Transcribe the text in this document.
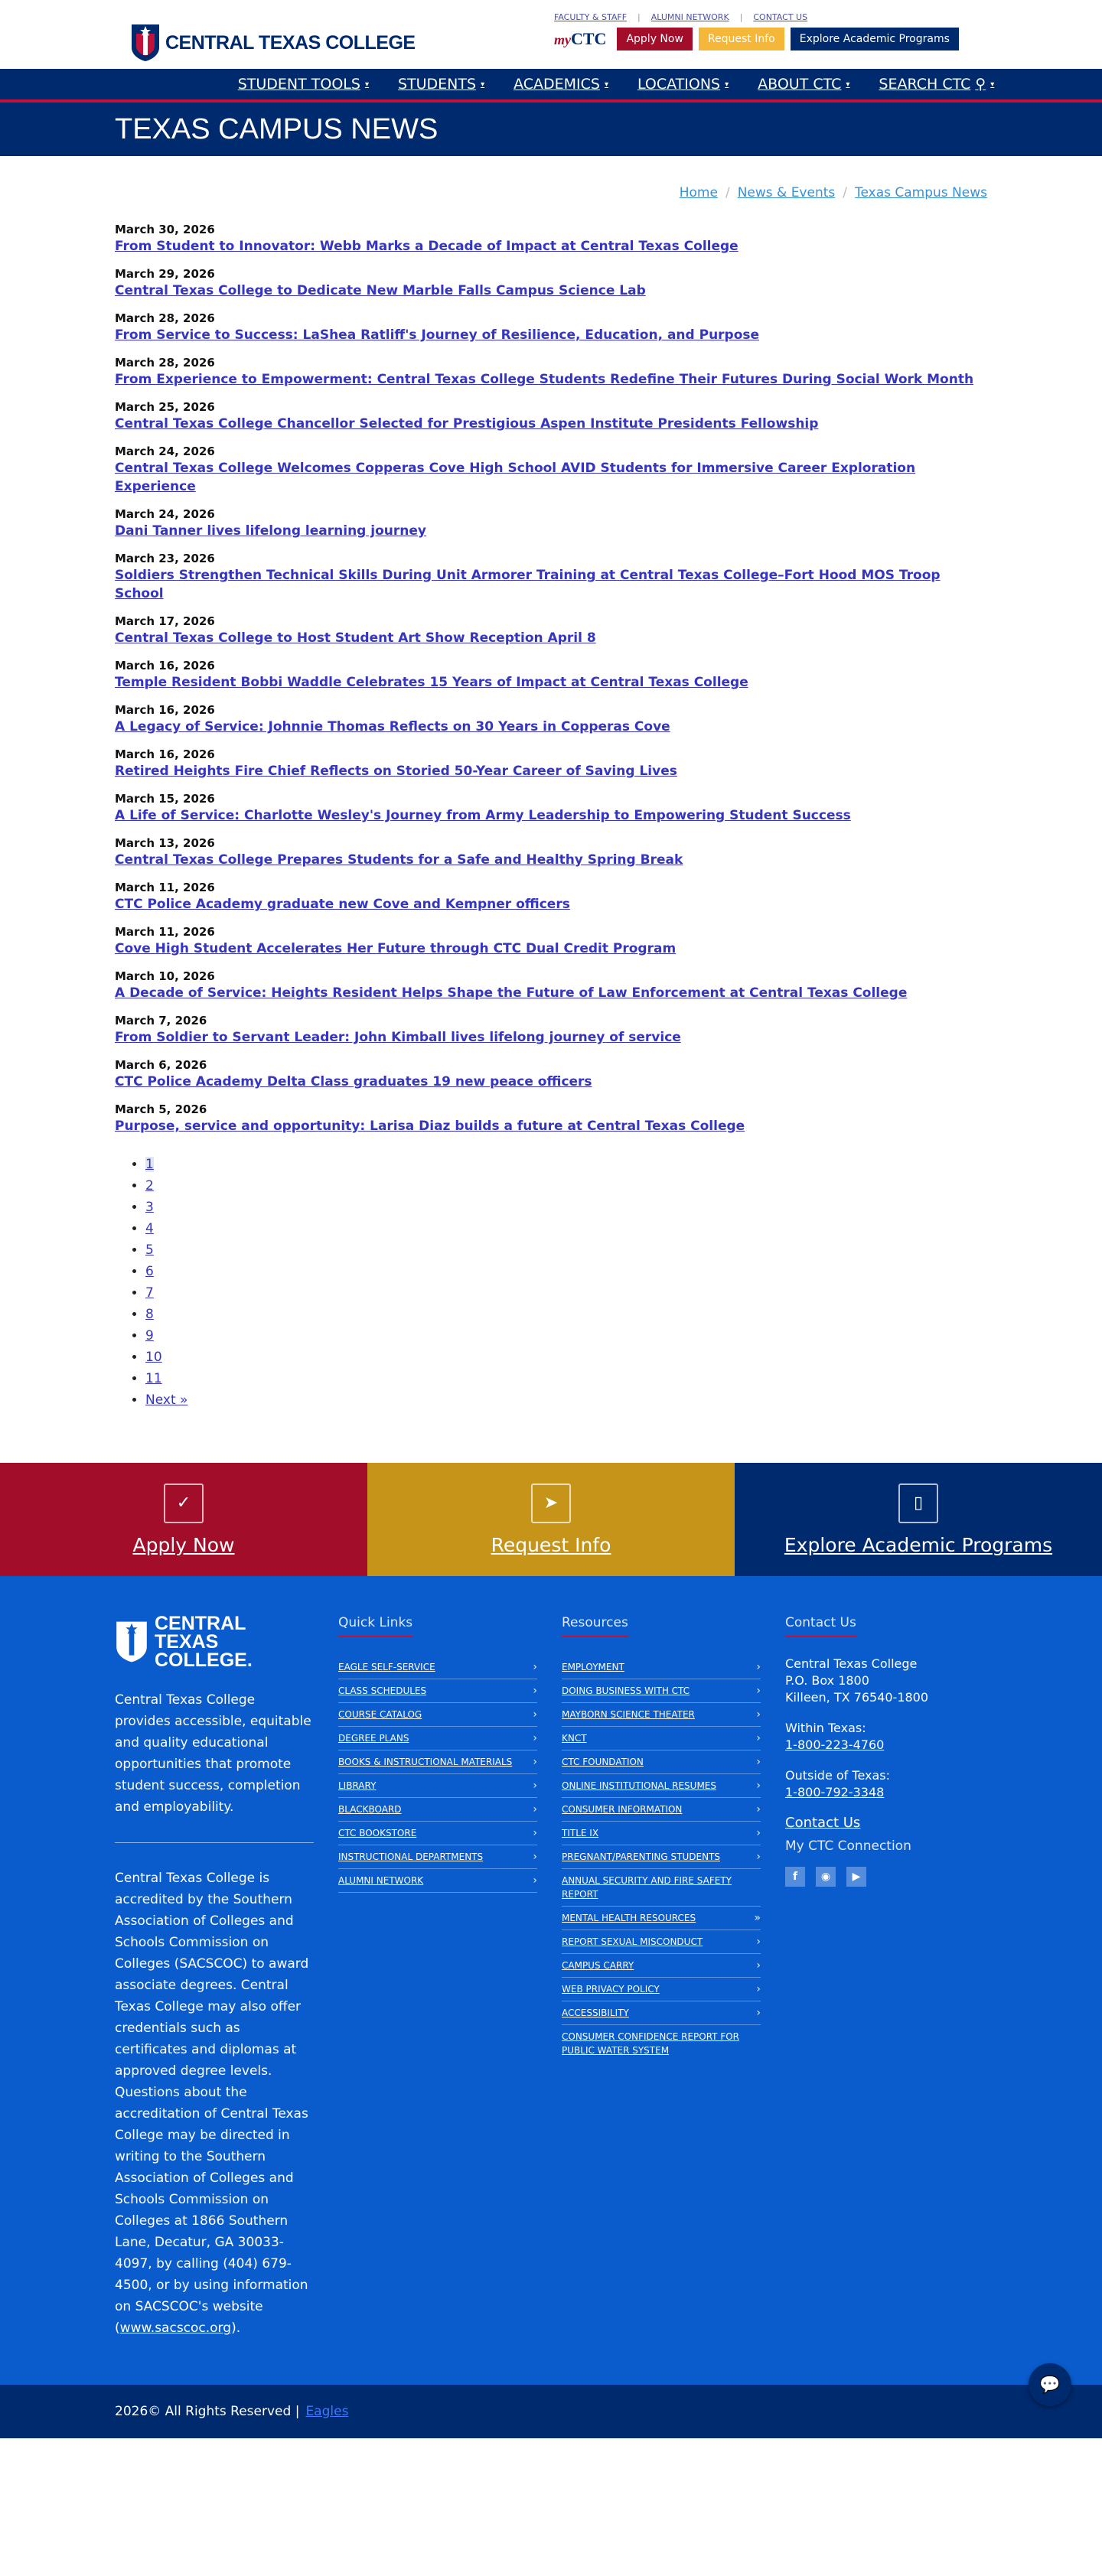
CENTRAL TEXAS COLLEGE
FACULTY & STAFF | ALUMNI NETWORK | CONTACT US
myCTC	Apply Now	Request Info	Explore Academic Programs
STUDENT TOOLS ▾ STUDENTS ▾ ACADEMICS ▾ LOCATIONS ▾ ABOUT CTC ▾ SEARCH CTC ⚲ ▾
TEXAS CAMPUS NEWS
Home / News & Events / Texas Campus News
March 30, 2026
From Student to Innovator: Webb Marks a Decade of Impact at Central Texas College
March 29, 2026
Central Texas College to Dedicate New Marble Falls Campus Science Lab
March 28, 2026
From Service to Success: LaShea Ratliff's Journey of Resilience, Education, and Purpose
March 28, 2026
From Experience to Empowerment: Central Texas College Students Redefine Their Futures During Social Work Month
March 25, 2026
Central Texas College Chancellor Selected for Prestigious Aspen Institute Presidents Fellowship
March 24, 2026
Central Texas College Welcomes Copperas Cove High School AVID Students for Immersive Career Exploration Experience
March 24, 2026
Dani Tanner lives lifelong learning journey
March 23, 2026
Soldiers Strengthen Technical Skills During Unit Armorer Training at Central Texas College–Fort Hood MOS Troop School
March 17, 2026
Central Texas College to Host Student Art Show Reception April 8
March 16, 2026
Temple Resident Bobbi Waddle Celebrates 15 Years of Impact at Central Texas College
March 16, 2026
A Legacy of Service: Johnnie Thomas Reflects on 30 Years in Copperas Cove
March 16, 2026
Retired Heights Fire Chief Reflects on Storied 50-Year Career of Saving Lives
March 15, 2026
A Life of Service: Charlotte Wesley's Journey from Army Leadership to Empowering Student Success
March 13, 2026
Central Texas College Prepares Students for a Safe and Healthy Spring Break
March 11, 2026
CTC Police Academy graduate new Cove and Kempner officers
March 11, 2026
Cove High Student Accelerates Her Future through CTC Dual Credit Program
March 10, 2026
A Decade of Service: Heights Resident Helps Shape the Future of Law Enforcement at Central Texas College
March 7, 2026
From Soldier to Servant Leader: John Kimball lives lifelong journey of service
March 6, 2026
CTC Police Academy Delta Class graduates 19 new peace officers
March 5, 2026
Purpose, service and opportunity: Larisa Diaz builds a future at Central Texas College
• 1
• 2
• 3
• 4
• 5
• 6
• 7
• 8
• 9
• 10
• 11
• Next »
✓
Apply Now
➤
Request Info
▯
Explore Academic Programs
CENTRAL
TEXAS
COLLEGE.

Central Texas College provides accessible, equitable and quality educational opportunities that promote student success, completion and employability.

Central Texas College is accredited by the Southern Association of Colleges and Schools Commission on Colleges (SACSCOC) to award associate degrees. Central Texas College may also offer credentials such as certificates and diplomas at approved degree levels. Questions about the accreditation of Central Texas College may be directed in writing to the Southern Association of Colleges and Schools Commission on Colleges at 1866 Southern Lane, Decatur, GA 30033-4097, by calling (404) 679-4500, or by using information on SACSCOC's website (www.sacscoc.org).

Quick Links
EAGLE SELF-SERVICE	›
CLASS SCHEDULES	›
COURSE CATALOG	›
DEGREE PLANS	›
BOOKS & INSTRUCTIONAL MATERIALS ›
LIBRARY	›
BLACKBOARD	›
CTC BOOKSTORE	›
INSTRUCTIONAL DEPARTMENTS	›
ALUMNI NETWORK	›
Resources
EMPLOYMENT	›
DOING BUSINESS WITH CTC	›
MAYBORN SCIENCE THEATER	›
KNCT	›
CTC FOUNDATION	›
ONLINE INSTITUTIONAL RESUMES	›
CONSUMER INFORMATION	›
TITLE IX	›
PREGNANT/PARENTING STUDENTS	›
ANNUAL SECURITY AND FIRE SAFETY REPORT
MENTAL HEALTH RESOURCES	»
REPORT SEXUAL MISCONDUCT	›
CAMPUS CARRY	›
WEB PRIVACY POLICY	›
ACCESSIBILITY	›
CONSUMER CONFIDENCE REPORT FOR PUBLIC WATER SYSTEM
Contact Us
Central Texas College
P.O. Box 1800
Killeen, TX 76540-1800
Within Texas:
1-800-223-4760
Outside of Texas:
1-800-792-3348
Contact Us
My CTC Connection
f	◉	▶
2026© All Rights Reserved | Eagles
💬
